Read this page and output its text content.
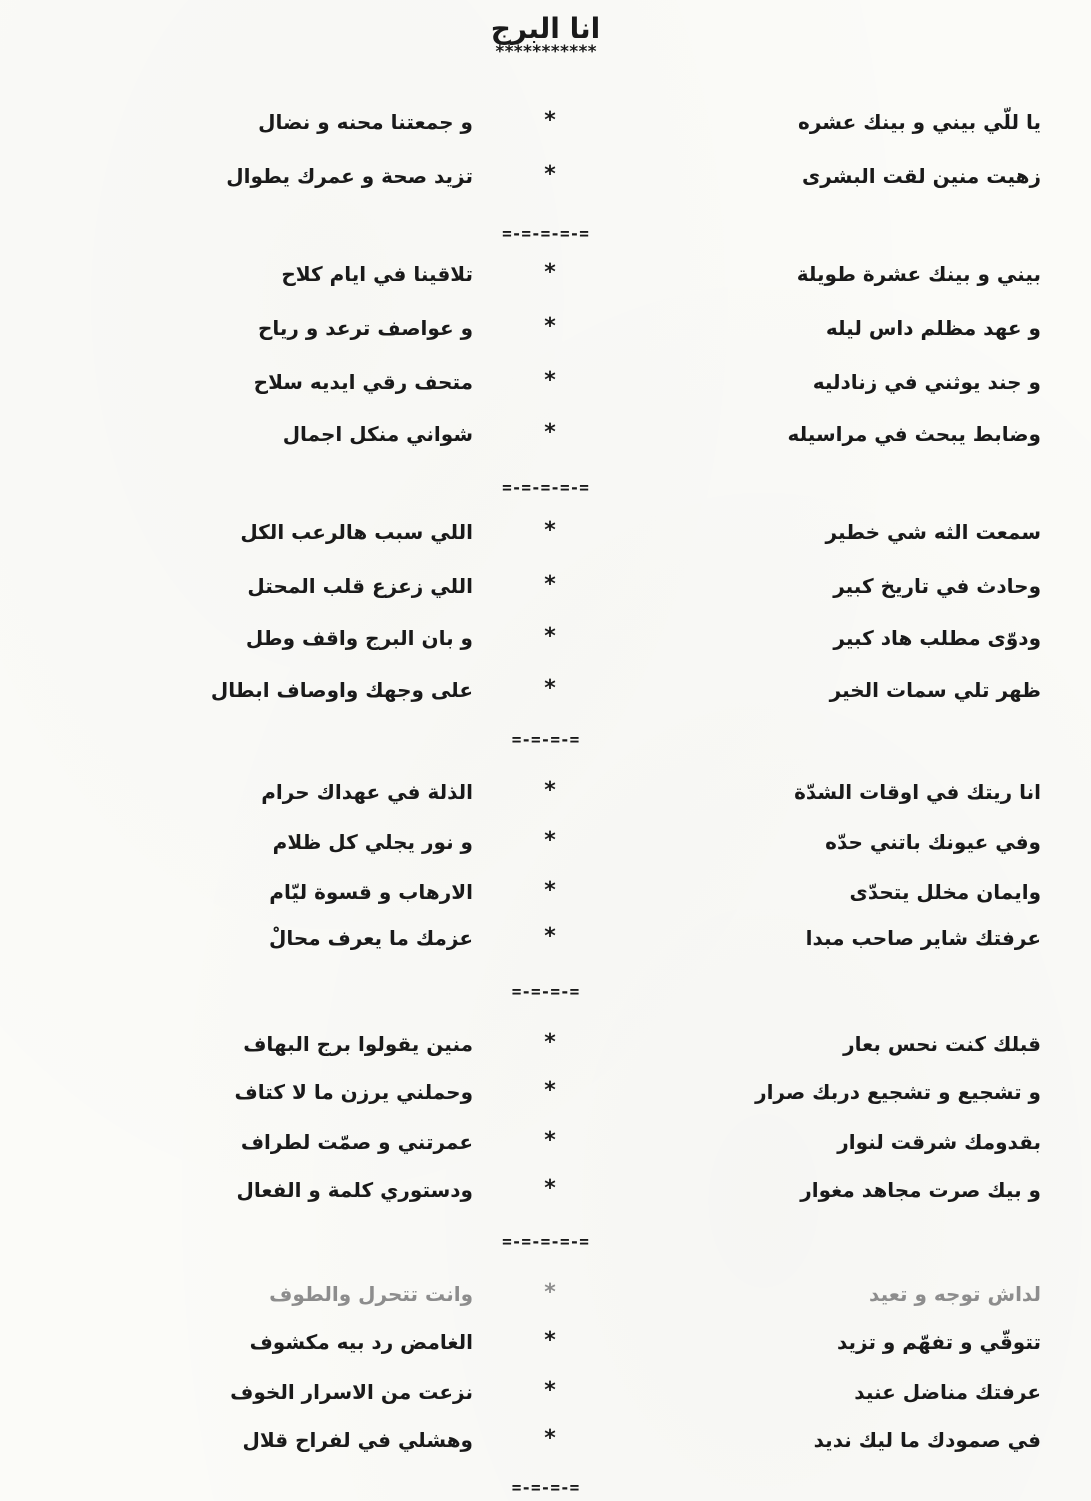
انا البرج
***********
يا للّي بيني و بينك عشره
*
و جمعتنا محنه و نضال
زهيت منين لقت البشرى
*
تزيد صحة و عمرك يطوال
=-=-=-=-=
بيني و بينك عشرة طويلة
*
تلاقينا في ايام كلاح
و عهد مظلم داس ليله
*
و عواصف ترعد و رياح
و جند يوثني في زنادليه
*
متحف رقي ايديه سلاح
وضابط يبحث في مراسيله
*
شواني منكل اجمال
=-=-=-=-=
سمعت الثه شي خطير
*
اللي سبب هالرعب الكل
وحادث في تاريخ كبير
*
اللي زعزع قلب المحتل
ودوّى مطلب هاد كبير
*
و بان البرج واقف وطل
ظهر تلي سمات الخير
*
على وجهك واوصاف ابطال
=-=-=-=
انا ريتك في اوقات الشدّة
*
الذلة في عهداك حرام
وفي عيونك باتني حدّه
*
و نور يجلي كل ظلام
وايمان مخلل يتحدّى
*
الارهاب و قسوة ليّام
عرفتك شاير صاحب مبدا
*
عزمك ما يعرف محالْ
=-=-=-=
قبلك كنت نحس بعار
*
منين يقولوا برج البهاف
و تشجيع و تشجيع دربك صرار
*
وحملني يرزن ما لا كتاف
بقدومك شرقت لنوار
*
عمرتني و صمّت لطراف
و بيك صرت مجاهد مغوار
*
ودستوري كلمة و الفعال
=-=-=-=-=
لداش توجه و تعيد
*
وانت تتحرل والطوف
تتوقّي و تفهّم و تزيد
*
الغامض رد بيه مكشوف
عرفتك مناضل عنيد
*
نزعت من الاسرار الخوف
في صمودك ما ليك نديد
*
وهشلي في لفراح قلال
=-=-=-=
